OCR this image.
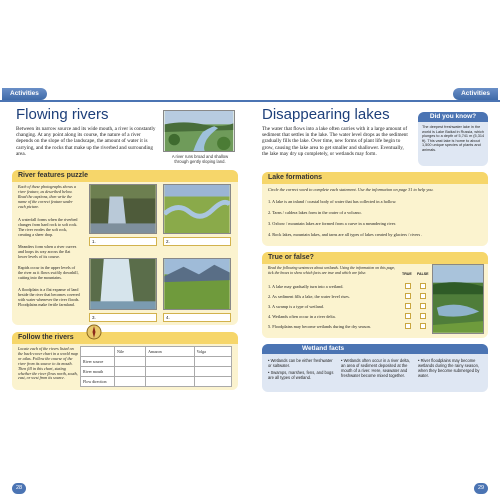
Activities
Flowing rivers
Between its narrow source and its wide mouth, a river is constantly changing. At any point along its course, the nature of a river depends on the slope of the landscape, the amount of water it is carrying, and the rocks that make up the riverbed and surrounding area.	A river runs broad and shallow through gently sloping land.
River features puzzle
Each of these photographs shows a river feature, as described below. Read the captions, then write the name of the correct feature under each picture.
A waterfall forms when the riverbed changes from hard rock to soft rock. The river erodes the soft rock, creating a sheer drop.
Meanders form when a river curves and loops its way across the flat lower levels of its course.
Rapids occur in the upper levels of the river as it flows swiftly downhill, cutting into the mountains.
A floodplain is a flat expanse of land beside the river that becomes covered with water whenever the river floods. Floodplains make fertile farmland.
1.	2.
3.	4.
Follow the rivers
Locate each of the rivers listed on the back-cover chart in a world map or atlas. Follow the course of the river from its source to its mouth. Then fill in this chart, stating whether the river flows north, south, east, or west from its source.
	Nile	Amazon	Volga
River source			
River mouth			
Flow direction			
28
Activities
Disappearing lakes
The water that flows into a lake often carries with it a large amount of sediment that settles in the lake. The water level drops as the sediment gradually fills the lake. Over time, new forms of plant life begin to grow, causing the lake area to get smaller and shallower. Eventually, the lake may dry up completely, or wetlands may form.
Did you know?
The deepest freshwater lake in the world is Lake Baikal in Russia, which plunges to a depth of 5,741 m (5,314 ft). This vast lake is home to about 1,500 unique species of plants and animals.
Lake formations
Circle the correct word to complete each statement. Use the information on page 31 to help you.
1. A lake is an inland / coastal body of water that has collected in a hollow.
2. Tarns / caldera lakes form in the crater of a volcano.
3. Oxbow / mountain lakes are formed from a curve in a meandering river.
4. Rock lakes, mountain lakes, and tarns are all types of lakes created by glaciers / rivers .
True or false?
Read the following sentences about wetlands. Using the information on this page, tick the boxes to show which facts are true and which are false.	TRUE FALSE
1. A lake may gradually turn into a wetland.
2. As sediment fills a lake, the water level rises.
3. A swamp is a type of wetland.
4. Wetlands often occur in a river delta.
5. Floodplains may become wetlands during the dry season.
Wetland facts
• Wetlands can be either freshwater or saltwater.
• Swamps, marshes, fens, and bogs are all types of wetland.
• Wetlands often occur in a river delta, an area of sediment deposited at the mouth of a river. Here, seawater and freshwater become mixed together.
• River floodplains may become wetlands during the rainy season, when they become submerged by water.
29
